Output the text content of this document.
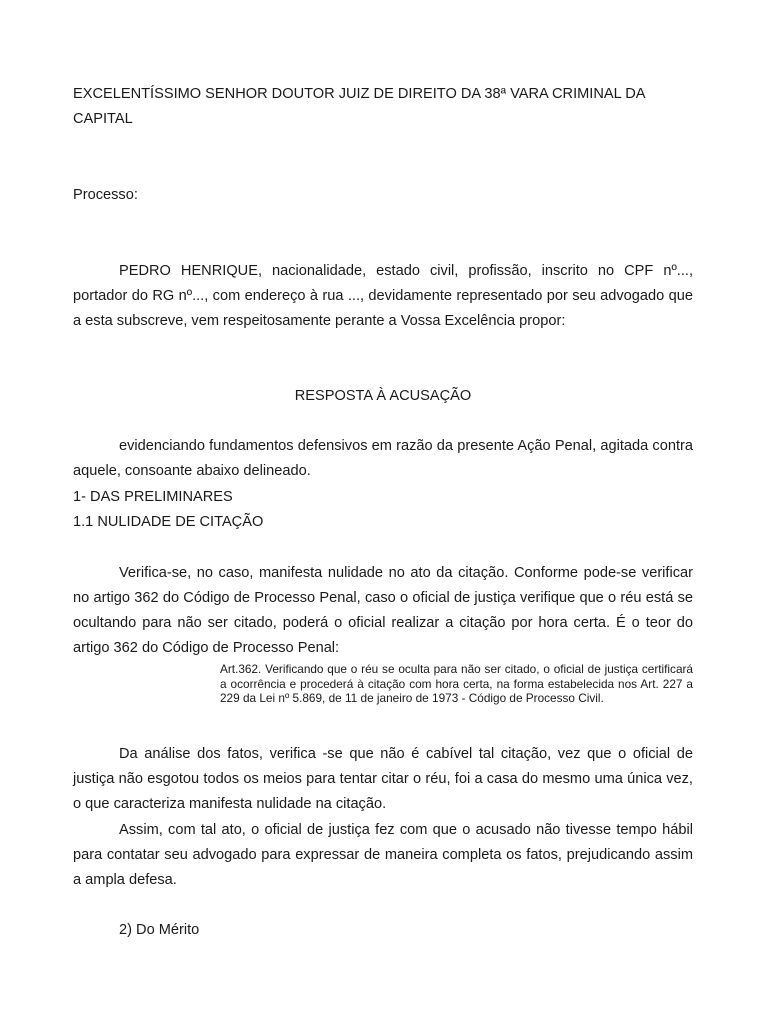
EXCELENTÍSSIMO SENHOR DOUTOR JUIZ DE DIREITO DA 38ª VARA CRIMINAL DA CAPITAL

Processo:

PEDRO HENRIQUE, nacionalidade, estado civil, profissão, inscrito no CPF nº..., portador do RG nº..., com endereço à rua ..., devidamente representado por seu advogado que a esta subscreve, vem respeitosamente perante a Vossa Excelência propor:

RESPOSTA À ACUSAÇÃO

evidenciando fundamentos defensivos em razão da presente Ação Penal, agitada contra aquele, consoante abaixo delineado.

1- DAS PRELIMINARES

1.1 NULIDADE DE CITAÇÃO

Verifica-se, no caso, manifesta nulidade no ato da citação. Conforme pode-se verificar no artigo 362 do Código de Processo Penal, caso o oficial de justiça verifique que o réu está se ocultando para não ser citado, poderá o oficial realizar a citação por hora certa. É o teor do artigo 362 do Código de Processo Penal:

Art.362. Verificando que o réu se oculta para não ser citado, o oficial de justiça certificará a ocorrência e procederá à citação com hora certa, na forma estabelecida nos Art. 227 a 229 da Lei nº 5.869, de 11 de janeiro de 1973 - Código de Processo Civil.

Da análise dos fatos, verifica -se que não é cabível tal citação, vez que o oficial de justiça não esgotou todos os meios para tentar citar o réu, foi a casa do mesmo uma única vez, o que caracteriza manifesta nulidade na citação.

Assim, com tal ato, o oficial de justiça fez com que o acusado não tivesse tempo hábil para contatar seu advogado para expressar de maneira completa os fatos, prejudicando assim a ampla defesa.

2) Do Mérito
